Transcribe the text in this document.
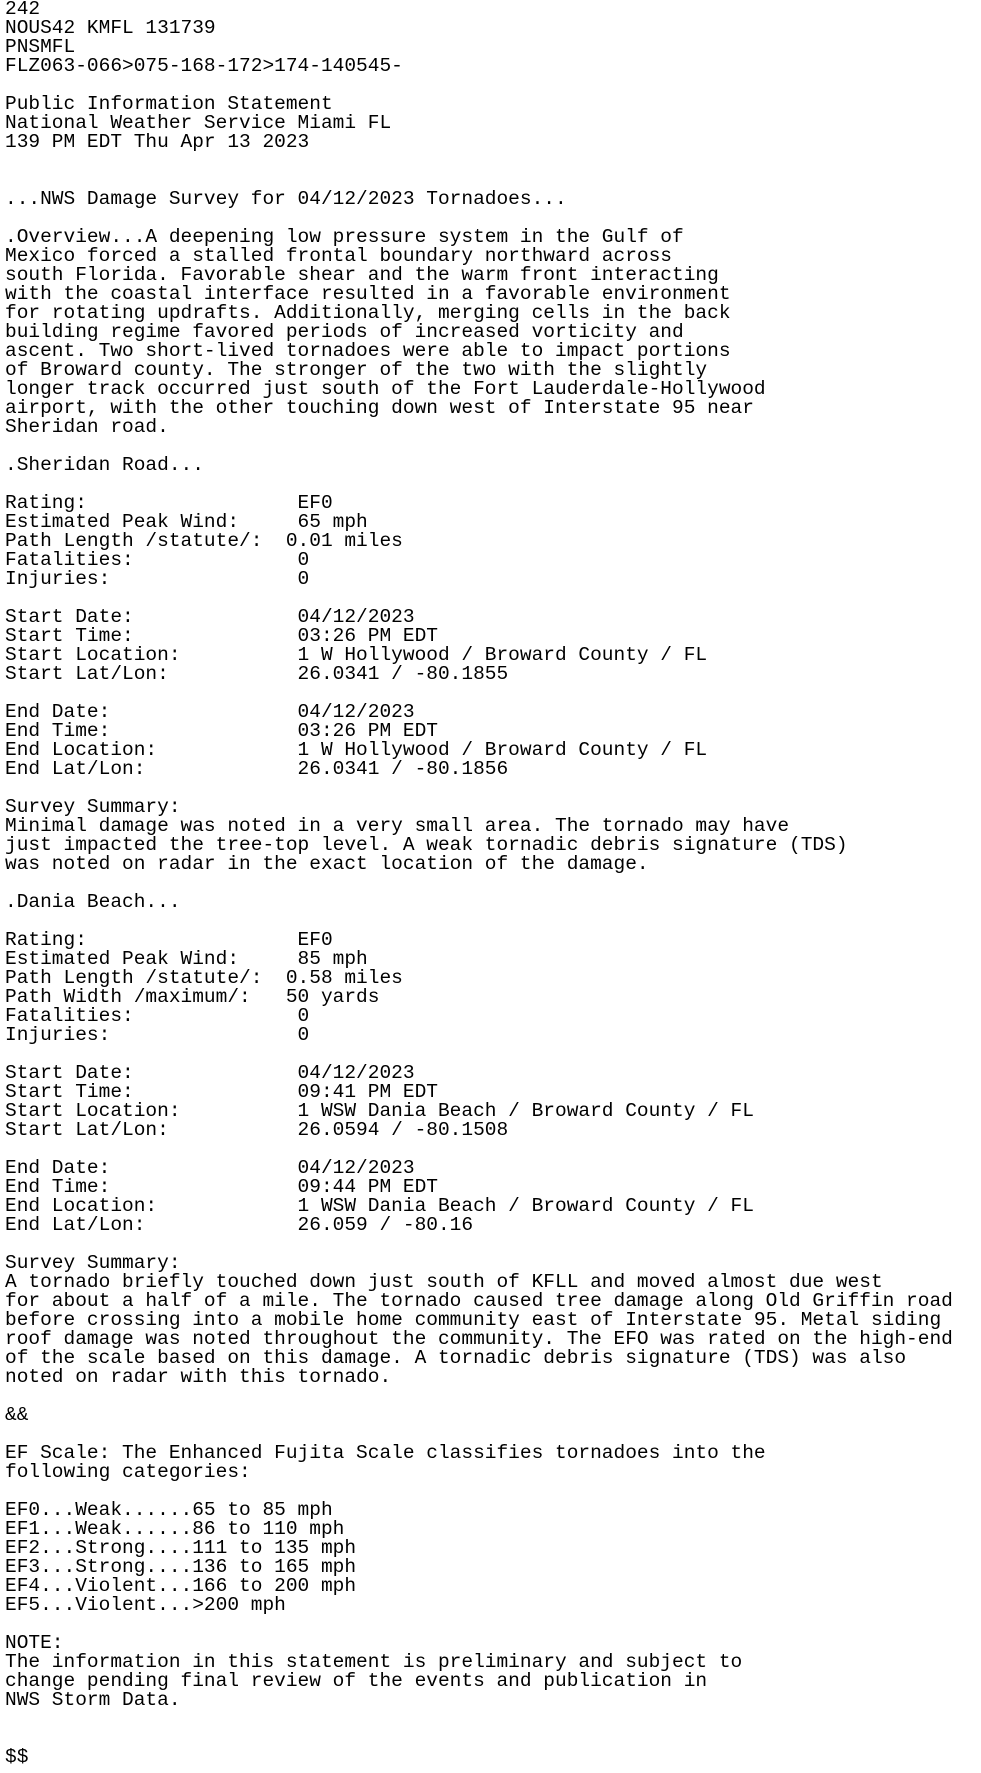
242
NOUS42 KMFL 131739
PNSMFL
FLZ063-066>075-168-172>174-140545-

Public Information Statement
National Weather Service Miami FL
139 PM EDT Thu Apr 13 2023

...NWS Damage Survey for 04/12/2023 Tornadoes...

.Overview...A deepening low pressure system in the Gulf of
Mexico forced a stalled frontal boundary northward across
south Florida. Favorable shear and the warm front interacting
with the coastal interface resulted in a favorable environment
for rotating updrafts. Additionally, merging cells in the back
building regime favored periods of increased vorticity and
ascent. Two short-lived tornadoes were able to impact portions
of Broward county. The stronger of the two with the slightly
longer track occurred just south of the Fort Lauderdale-Hollywood
airport, with the other touching down west of Interstate 95 near
Sheridan road.

.Sheridan Road...

Rating:                  EF0
Estimated Peak Wind:     65 mph
Path Length /statute/:  0.01 miles
Fatalities:              0
Injuries:                0

Start Date:              04/12/2023
Start Time:              03:26 PM EDT
Start Location:          1 W Hollywood / Broward County / FL
Start Lat/Lon:           26.0341 / -80.1855

End Date:                04/12/2023
End Time:                03:26 PM EDT
End Location:            1 W Hollywood / Broward County / FL
End Lat/Lon:             26.0341 / -80.1856

Survey Summary:
Minimal damage was noted in a very small area. The tornado may have
just impacted the tree-top level. A weak tornadic debris signature (TDS)
was noted on radar in the exact location of the damage.

.Dania Beach...

Rating:                  EF0
Estimated Peak Wind:     85 mph
Path Length /statute/:  0.58 miles
Path Width /maximum/:   50 yards
Fatalities:              0
Injuries:                0

Start Date:              04/12/2023
Start Time:              09:41 PM EDT
Start Location:          1 WSW Dania Beach / Broward County / FL
Start Lat/Lon:           26.0594 / -80.1508

End Date:                04/12/2023
End Time:                09:44 PM EDT
End Location:            1 WSW Dania Beach / Broward County / FL
End Lat/Lon:             26.059 / -80.16

Survey Summary:
A tornado briefly touched down just south of KFLL and moved almost due west
for about a half of a mile. The tornado caused tree damage along Old Griffin road
before crossing into a mobile home community east of Interstate 95. Metal siding
roof damage was noted throughout the community. The EFO was rated on the high-end
of the scale based on this damage. A tornadic debris signature (TDS) was also
noted on radar with this tornado.

&&

EF Scale: The Enhanced Fujita Scale classifies tornadoes into the
following categories:

EF0...Weak......65 to 85 mph
EF1...Weak......86 to 110 mph
EF2...Strong....111 to 135 mph
EF3...Strong....136 to 165 mph
EF4...Violent...166 to 200 mph
EF5...Violent...>200 mph

NOTE:
The information in this statement is preliminary and subject to
change pending final review of the events and publication in
NWS Storm Data.

$$
